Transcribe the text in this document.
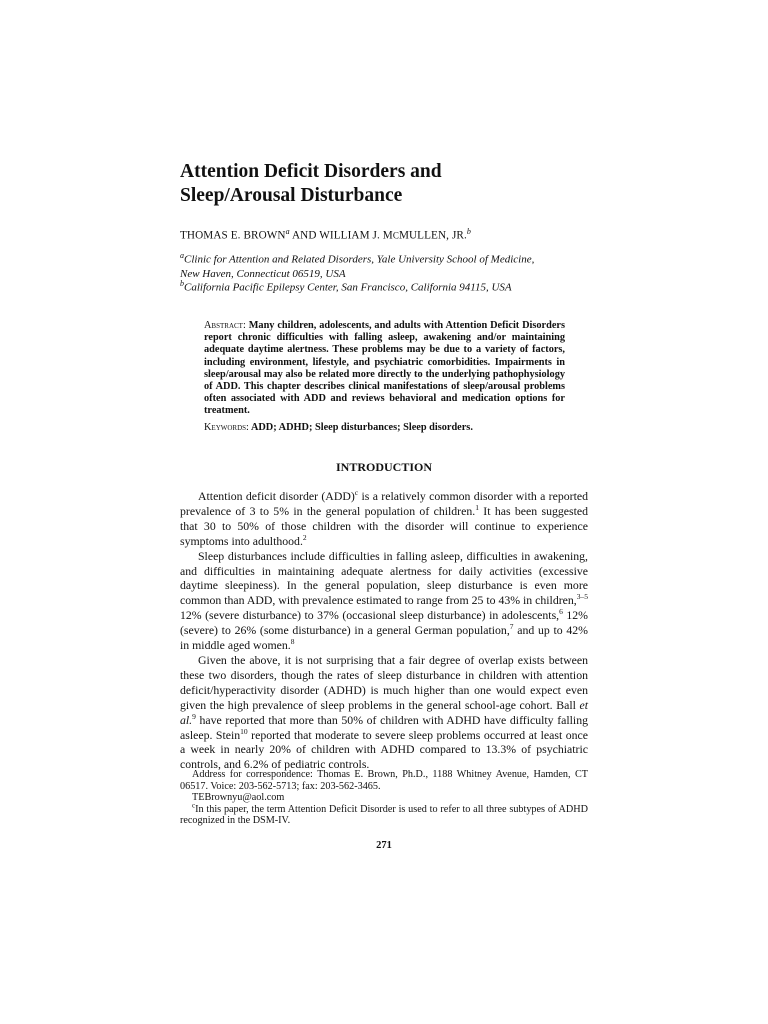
Attention Deficit Disorders and
Sleep/Arousal Disturbance
THOMAS E. BROWN$^a$ AND WILLIAM J. MCMULLEN, JR.$^b$
$^a$Clinic for Attention and Related Disorders, Yale University School of Medicine,
New Haven, Connecticut 06519, USA
$^b$California Pacific Epilepsy Center, San Francisco, California 94115, USA
Abstract: Many children, adolescents, and adults with Attention Deficit Disorders report chronic difficulties with falling asleep, awakening and/or maintaining adequate daytime alertness. These problems may be due to a variety of factors, including environment, lifestyle, and psychiatric comorbidities. Impairments in sleep/arousal may also be related more directly to the underlying pathophysiology of ADD. This chapter describes clinical manifestations of sleep/arousal problems often associated with ADD and reviews behavioral and medication options for treatment.
Keywords: ADD; ADHD; Sleep disturbances; Sleep disorders.
INTRODUCTION

Attention deficit disorder (ADD)$^c$ is a relatively common disorder with a reported prevalence of 3 to 5% in the general population of children.$^1$ It has been suggested that 30 to 50% of those children with the disorder will continue to experience symptoms into adulthood.$^2$

Sleep disturbances include difficulties in falling asleep, difficulties in awakening, and difficulties in maintaining adequate alertness for daily activities (excessive daytime sleepiness). In the general population, sleep disturbance is even more common than ADD, with prevalence estimated to range from 25 to 43% in children,$^{3-5}$ 12% (severe disturbance) to 37% (occasional sleep disturbance) in adolescents,$^6$ 12% (severe) to 26% (some disturbance) in a general German population,$^7$ and up to 42% in middle aged women.$^8$

Given the above, it is not surprising that a fair degree of overlap exists between these two disorders, though the rates of sleep disturbance in children with attention deficit/hyperactivity disorder (ADHD) is much higher than one would expect even given the high prevalence of sleep problems in the general school-age cohort. Ball et al.$^9$ have reported that more than 50% of children with ADHD have difficulty falling asleep. Stein$^{10}$ reported that moderate to severe sleep problems occurred at least once a week in nearly 20% of children with ADHD compared to 13.3% of psychiatric controls, and 6.2% of pediatric controls.

Address for correspondence: Thomas E. Brown, Ph.D., 1188 Whitney Avenue, Hamden, CT 06517. Voice: 203-562-5713; fax: 203-562-3465.

TEBrownyu@aol.com

$^c$In this paper, the term Attention Deficit Disorder is used to refer to all three subtypes of ADHD recognized in the DSM-IV.

271
